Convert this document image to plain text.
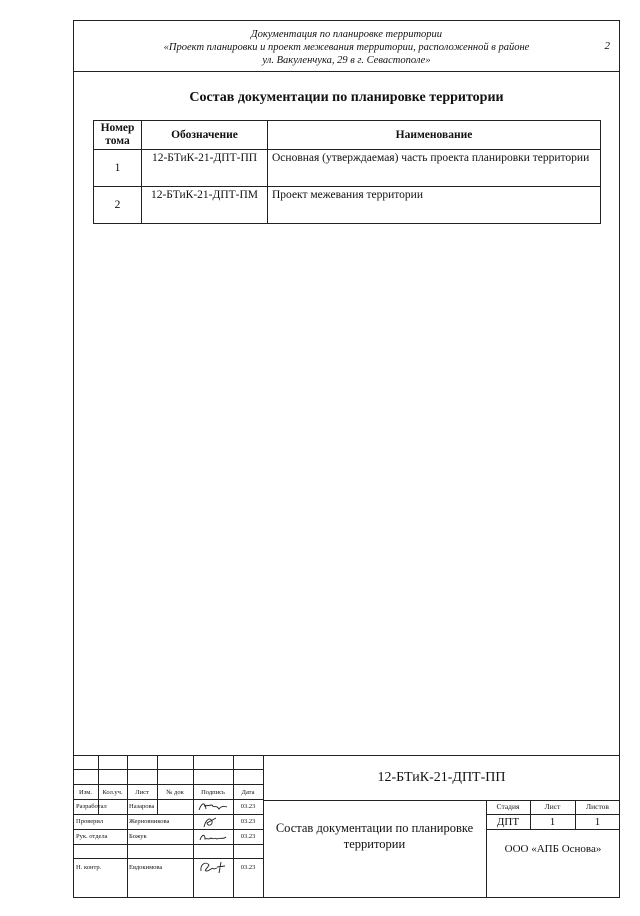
Документация по планировке территории
«Проект планировки и проект межевания территории, расположенной в районе
ул. Вакуленчука, 29 в г. Севастополе»
2
Состав документации по планировке территории
Номер тома	Обозначение	Наименование
1	12-БТиК-21-ДПТ-ПП	Основная (утверждаемая) часть проекта планировки территории
2	12-БТиК-21-ДПТ-ПМ	Проект межевания территории
Изм.	Кол.уч.	Лист	№ док	Подпись	Дата
Разработал	Назарова	03.23
Проверил	Жерновникова	03.23
Рук. отдела	Божук	03.23
Н. контр.	Евдокимова	03.23
12-БТиК-21-ДПТ-ПП
Состав документации по планировке территории
Стадия	Лист	Листов
ДПТ	1	1
ООО «АПБ Основа»
